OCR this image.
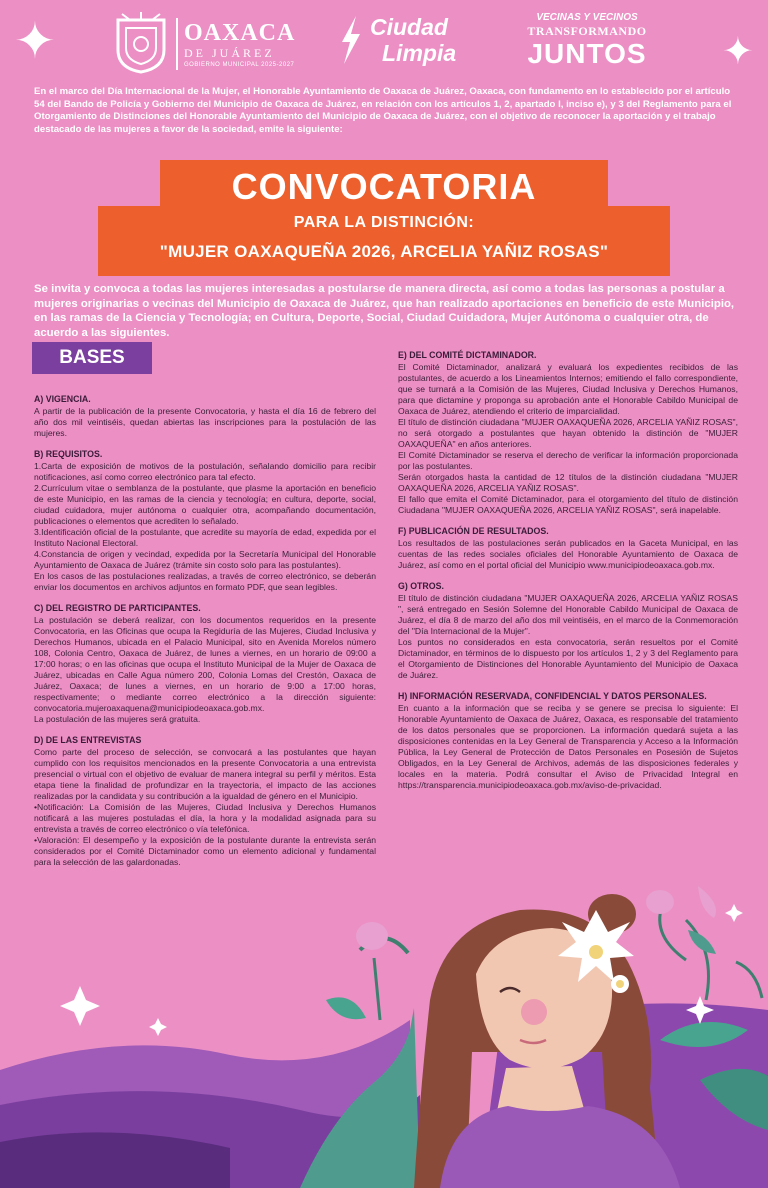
✦	✦
OAXACA
DE JUÁREZ
GOBIERNO MUNICIPAL 2025-2027
Ciudad
Limpia
VECINAS Y VECINOS
TRANSFORMANDO
JUNTOS

En el marco del Día Internacional de la Mujer, el Honorable Ayuntamiento de Oaxaca de Juárez, Oaxaca, con fundamento en lo establecido por el artículo 54 del Bando de Policía y Gobierno del Municipio de Oaxaca de Juárez, en relación con los artículos 1, 2, apartado I, inciso e), y 3 del Reglamento para el Otorgamiento de Distinciones del Honorable Ayuntamiento del Municipio de Oaxaca de Juárez, con el objetivo de reconocer la aportación y el trabajo destacado de las mujeres a favor de la sociedad, emite la siguiente:

CONVOCATORIA
PARA LA DISTINCIÓN:
"MUJER OAXAQUEÑA 2026, ARCELIA YAÑIZ ROSAS"

Se invita y convoca a todas las mujeres interesadas a postularse de manera directa, así como a todas las personas a postular a mujeres originarias o vecinas del Municipio de Oaxaca de Juárez, que han realizado aportaciones en beneficio de este Municipio, en las ramas de la Ciencia y Tecnología; en Cultura, Deporte, Social, Ciudad Cuidadora, Mujer Autónoma o cualquier otra, de acuerdo a las siguientes.

BASES
A) VIGENCIA.

A partir de la publicación de la presente Convocatoria, y hasta el día 16 de febrero del año dos mil veintiséis, quedan abiertas las inscripciones para la postulación de las mujeres.

B) REQUISITOS.

1.Carta de exposición de motivos de la postulación, señalando domicilio para recibir notificaciones, así como correo electrónico para tal efecto.

2.Currículum vitae o semblanza de la postulante, que plasme la aportación en beneficio de este Municipio, en las ramas de la ciencia y tecnología; en cultura, deporte, social, ciudad cuidadora, mujer autónoma o cualquier otra, acompañando documentación, publicaciones o elementos que acrediten lo señalado.

3.Identificación oficial de la postulante, que acredite su mayoría de edad, expedida por el Instituto Nacional Electoral.

4.Constancia de origen y vecindad, expedida por la Secretaría Municipal del Honorable Ayuntamiento de Oaxaca de Juárez (trámite sin costo solo para las postulantes).

En los casos de las postulaciones realizadas, a través de correo electrónico, se deberán enviar los documentos en archivos adjuntos en formato PDF, que sean legibles.

C) DEL REGISTRO DE PARTICIPANTES.

La postulación se deberá realizar, con los documentos requeridos en la presente Convocatoria, en las Oficinas que ocupa la Regiduría de las Mujeres, Ciudad Inclusiva y Derechos Humanos, ubicada en el Palacio Municipal, sito en Avenida Morelos número 108, Colonia Centro, Oaxaca de Juárez, de lunes a viernes, en un horario de 09:00 a 17:00 horas; o en las oficinas que ocupa el Instituto Municipal de la Mujer de Oaxaca de Juárez, ubicadas en Calle Agua número 200, Colonia Lomas del Crestón, Oaxaca de Juárez, Oaxaca; de lunes a viernes, en un horario de 9:00 a 17:00 horas, respectivamente; o mediante correo electrónico a la dirección siguiente: convocatoria.mujeroaxaquena@municipiodeoaxaca.gob.mx.

La postulación de las mujeres será gratuita.

D) DE LAS ENTREVISTAS

Como parte del proceso de selección, se convocará a las postulantes que hayan cumplido con los requisitos mencionados en la presente Convocatoria a una entrevista presencial o virtual con el objetivo de evaluar de manera integral su perfil y méritos. Esta etapa tiene la finalidad de profundizar en la trayectoria, el impacto de las acciones realizadas por la candidata y su contribución a la igualdad de género en el Municipio.

•Notificación: La Comisión de las Mujeres, Ciudad Inclusiva y Derechos Humanos notificará a las mujeres postuladas el día, la hora y la modalidad asignada para su entrevista a través de correo electrónico o vía telefónica.

•Valoración: El desempeño y la exposición de la postulante durante la entrevista serán considerados por el Comité Dictaminador como un elemento adicional y fundamental para la selección de las galardonadas.

E) DEL COMITÉ DICTAMINADOR.

El Comité Dictaminador, analizará y evaluará los expedientes recibidos de las postulantes, de acuerdo a los Lineamientos Internos; emitiendo el fallo correspondiente, que se turnará a la Comisión de las Mujeres, Ciudad Inclusiva y Derechos Humanos, para que dictamine y proponga su aprobación ante el Honorable Cabildo Municipal de Oaxaca de Juárez, atendiendo el criterio de imparcialidad.

El título de distinción ciudadana "MUJER OAXAQUEÑA 2026, ARCELIA YAÑIZ ROSAS", no será otorgado a postulantes que hayan obtenido la distinción de "MUJER OAXAQUEÑA" en años anteriores.

El Comité Dictaminador se reserva el derecho de verificar la información proporcionada por las postulantes.

Serán otorgados hasta la cantidad de 12 títulos de la distinción ciudadana "MUJER OAXAQUEÑA 2026, ARCELIA YAÑIZ ROSAS".

El fallo que emita el Comité Dictaminador, para el otorgamiento del título de distinción Ciudadana "MUJER OAXAQUEÑA 2026, ARCELIA YAÑIZ ROSAS", será inapelable.

F) PUBLICACIÓN DE RESULTADOS.

Los resultados de las postulaciones serán publicados en la Gaceta Municipal, en las cuentas de las redes sociales oficiales del Honorable Ayuntamiento de Oaxaca de Juárez, así como en el portal oficial del Municipio www.municipiodeoaxaca.gob.mx.

G) OTROS.

El título de distinción ciudadana "MUJER OAXAQUEÑA 2026, ARCELIA YAÑIZ ROSAS ", será entregado en Sesión Solemne del Honorable Cabildo Municipal de Oaxaca de Juárez, el día 8 de marzo del año dos mil veintiséis, en el marco de la Conmemoración del "Día Internacional de la Mujer".

Los puntos no considerados en esta convocatoria, serán resueltos por el Comité Dictaminador, en términos de lo dispuesto por los artículos 1, 2 y 3 del Reglamento para el Otorgamiento de Distinciones del Honorable Ayuntamiento del Municipio de Oaxaca de Juárez.

H) INFORMACIÓN RESERVADA, CONFIDENCIAL Y DATOS PERSONALES.

En cuanto a la información que se reciba y se genere se precisa lo siguiente: El Honorable Ayuntamiento de Oaxaca de Juárez, Oaxaca, es responsable del tratamiento de los datos personales que se proporcionen. La información quedará sujeta a las disposiciones contenidas en la Ley General de Transparencia y Acceso a la Información Pública, la Ley General de Protección de Datos Personales en Posesión de Sujetos Obligados, en la Ley General de Archivos, además de las disposiciones federales y locales en la materia. Podrá consultar el Aviso de Privacidad Integral en https://transparencia.municipiodeoaxaca.gob.mx/aviso-de-privacidad.
